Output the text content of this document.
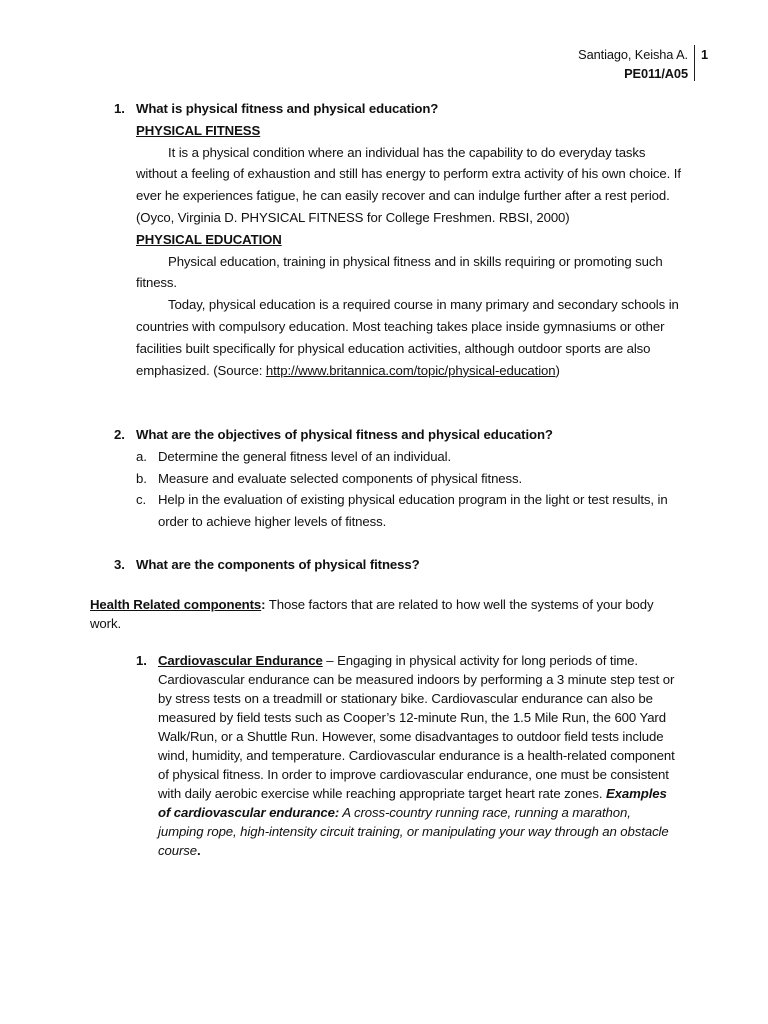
Santiago, Keisha A.
PE011/A05
1
1. What is physical fitness and physical education?

PHYSICAL FITNESS

It is a physical condition where an individual has the capability to do everyday tasks without a feeling of exhaustion and still has energy to perform extra activity of his own choice. If ever he experiences fatigue, he can easily recover and can indulge further after a rest period. (Oyco, Virginia D. PHYSICAL FITNESS for College Freshmen. RBSI, 2000)

PHYSICAL EDUCATION

Physical education, training in physical fitness and in skills requiring or promoting such fitness.

Today, physical education is a required course in many primary and secondary schools in countries with compulsory education. Most teaching takes place inside gymnasiums or other facilities built specifically for physical education activities, although outdoor sports are also emphasized. (Source: http://www.britannica.com/topic/physical-education)

2. What are the objectives of physical fitness and physical education?
a. Determine the general fitness level of an individual.
b. Measure and evaluate selected components of physical fitness.
c. Help in the evaluation of existing physical education program in the light or test results, in order to achieve higher levels of fitness.
3. What are the components of physical fitness?
Health Related components: Those factors that are related to how well the systems of your body work.
1. Cardiovascular Endurance – Engaging in physical activity for long periods of time. Cardiovascular endurance can be measured indoors by performing a 3 minute step test or by stress tests on a treadmill or stationary bike. Cardiovascular endurance can also be measured by field tests such as Cooper’s 12-minute Run, the 1.5 Mile Run, the 600 Yard Walk/Run, or a Shuttle Run. However, some disadvantages to outdoor field tests include wind, humidity, and temperature. Cardiovascular endurance is a health-related component of physical fitness. In order to improve cardiovascular endurance, one must be consistent with daily aerobic exercise while reaching appropriate target heart rate zones. Examples of cardiovascular endurance: A cross-country running race, running a marathon, jumping rope, high-intensity circuit training, or manipulating your way through an obstacle course.
